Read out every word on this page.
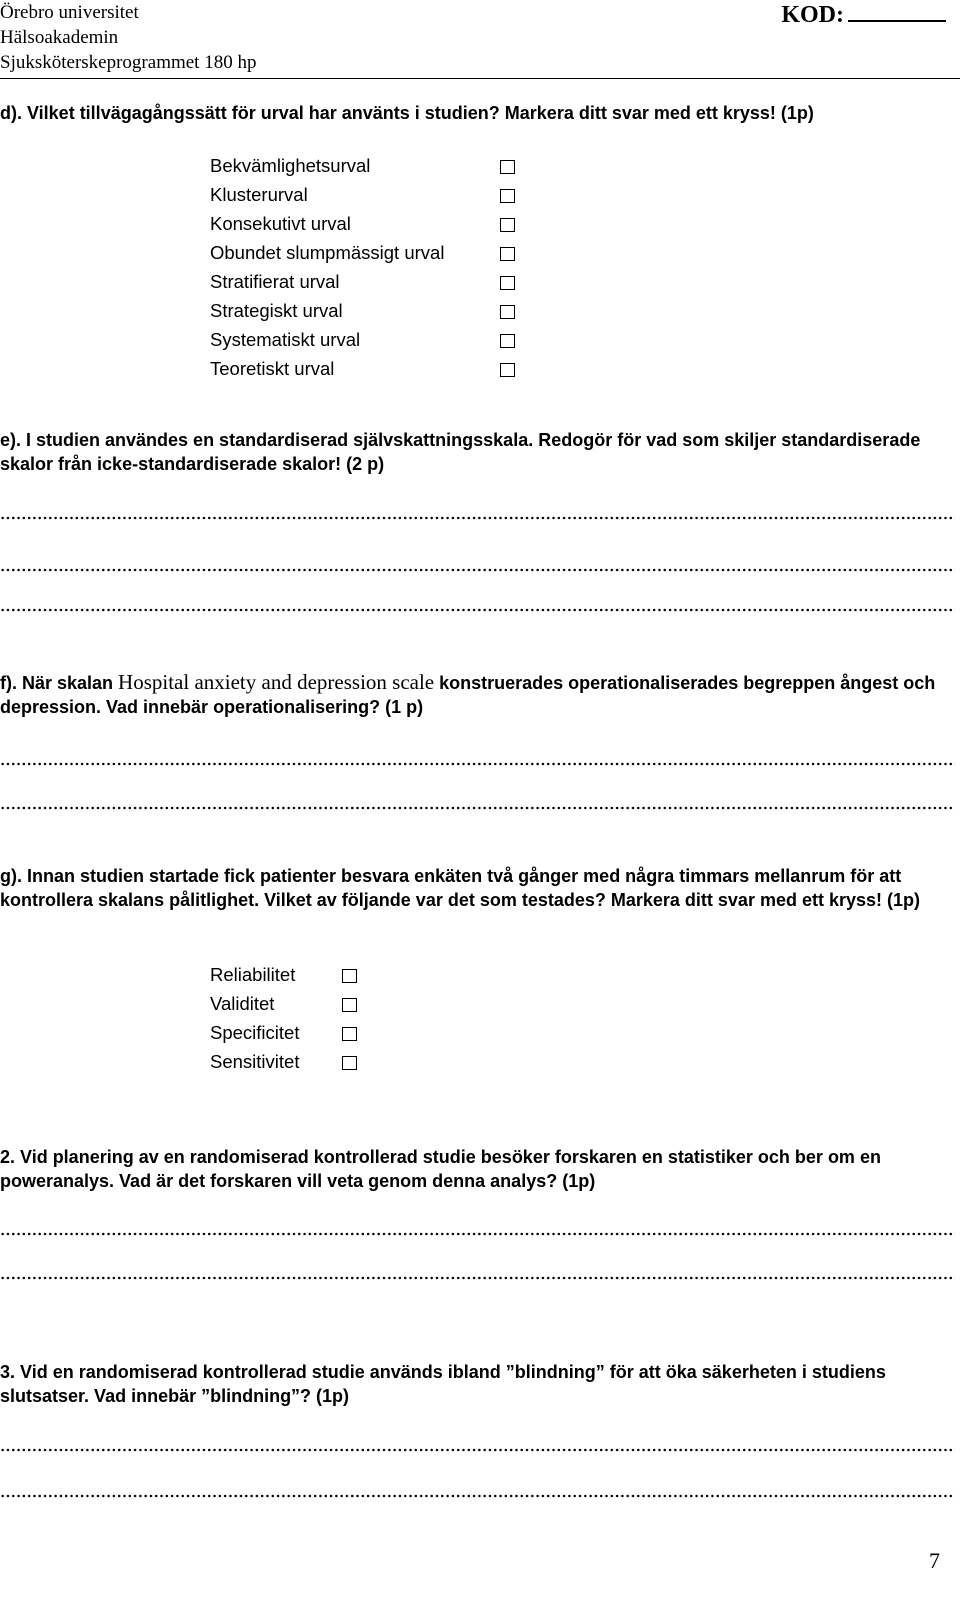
Örebro universitet
Hälsoakademin
Sjuksköterskeprogrammet 180 hp
KOD:
d). Vilket tillvägagångssätt för urval har använts i studien? Markera ditt svar med ett kryss! (1p)
Bekvämlighetsurval
Klusterurval
Konsekutivt urval
Obundet slumpmässigt urval
Stratifierat urval
Strategiskt urval
Systematiskt urval
Teoretiskt urval
e). I studien användes en standardiserad självskattningsskala. Redogör för vad som skiljer standardiserade skalor från icke-standardiserade skalor! (2 p)
f). När skalan Hospital anxiety and depression scale konstruerades operationaliserades begreppen ångest och depression. Vad innebär operationalisering? (1 p)
g). Innan studien startade fick patienter besvara enkäten två gånger med några timmars mellanrum för att kontrollera skalans pålitlighet. Vilket av följande var det som testades? Markera ditt svar med ett kryss! (1p)
Reliabilitet
Validitet
Specificitet
Sensitivitet
2. Vid planering av en randomiserad kontrollerad studie besöker forskaren en statistiker och ber om en poweranalys. Vad är det forskaren vill veta genom denna analys? (1p)
3. Vid en randomiserad kontrollerad studie används ibland ”blindning” för att öka säkerheten i studiens slutsatser. Vad innebär ”blindning”? (1p)
7
